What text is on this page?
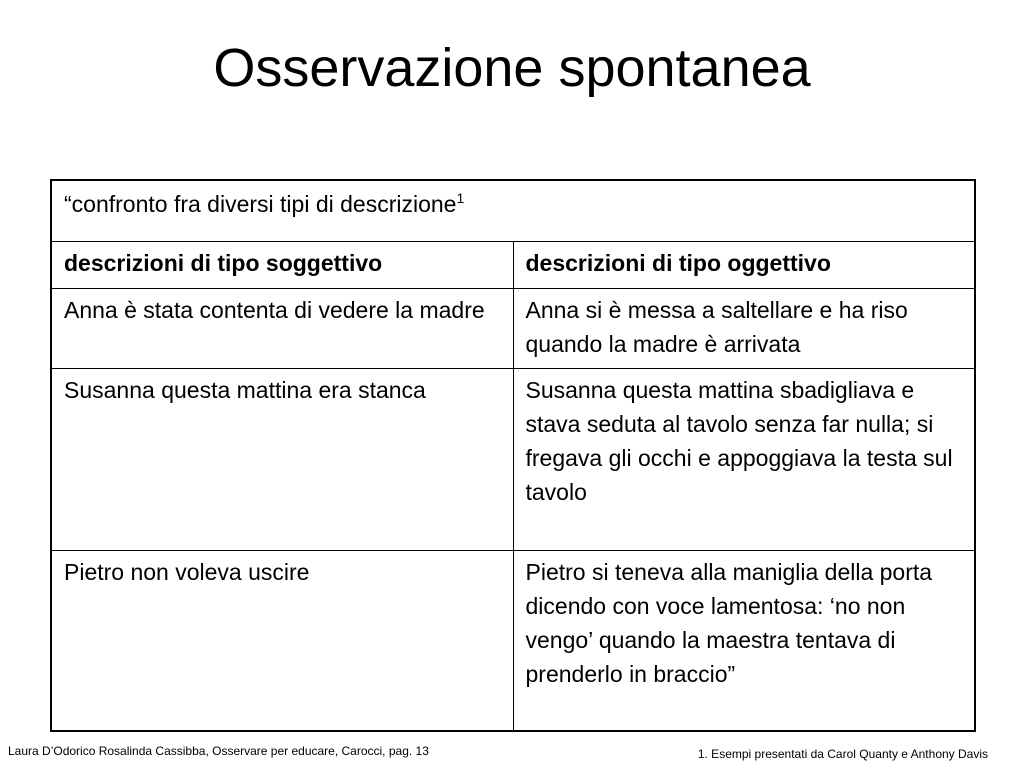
Osservazione spontanea
“confronto fra diversi tipi di descrizione$^1$
descrizioni di tipo soggettivo	descrizioni di tipo oggettivo
Anna è stata contenta di vedere la madre	Anna si è messa a saltellare e ha riso quando la madre è arrivata
Susanna questa mattina era stanca	Susanna questa mattina sbadigliava e stava seduta al tavolo senza far nulla; si fregava gli occhi e appoggiava la testa sul tavolo
Pietro non voleva uscire	Pietro si teneva alla maniglia della porta dicendo con voce lamentosa: ‘no non vengo’ quando la maestra tentava di prenderlo in braccio”
Laura D’Odorico Rosalinda Cassibba, Osservare per educare, Carocci, pag. 13	1. Esempi presentati da Carol Quanty e Anthony Davis
